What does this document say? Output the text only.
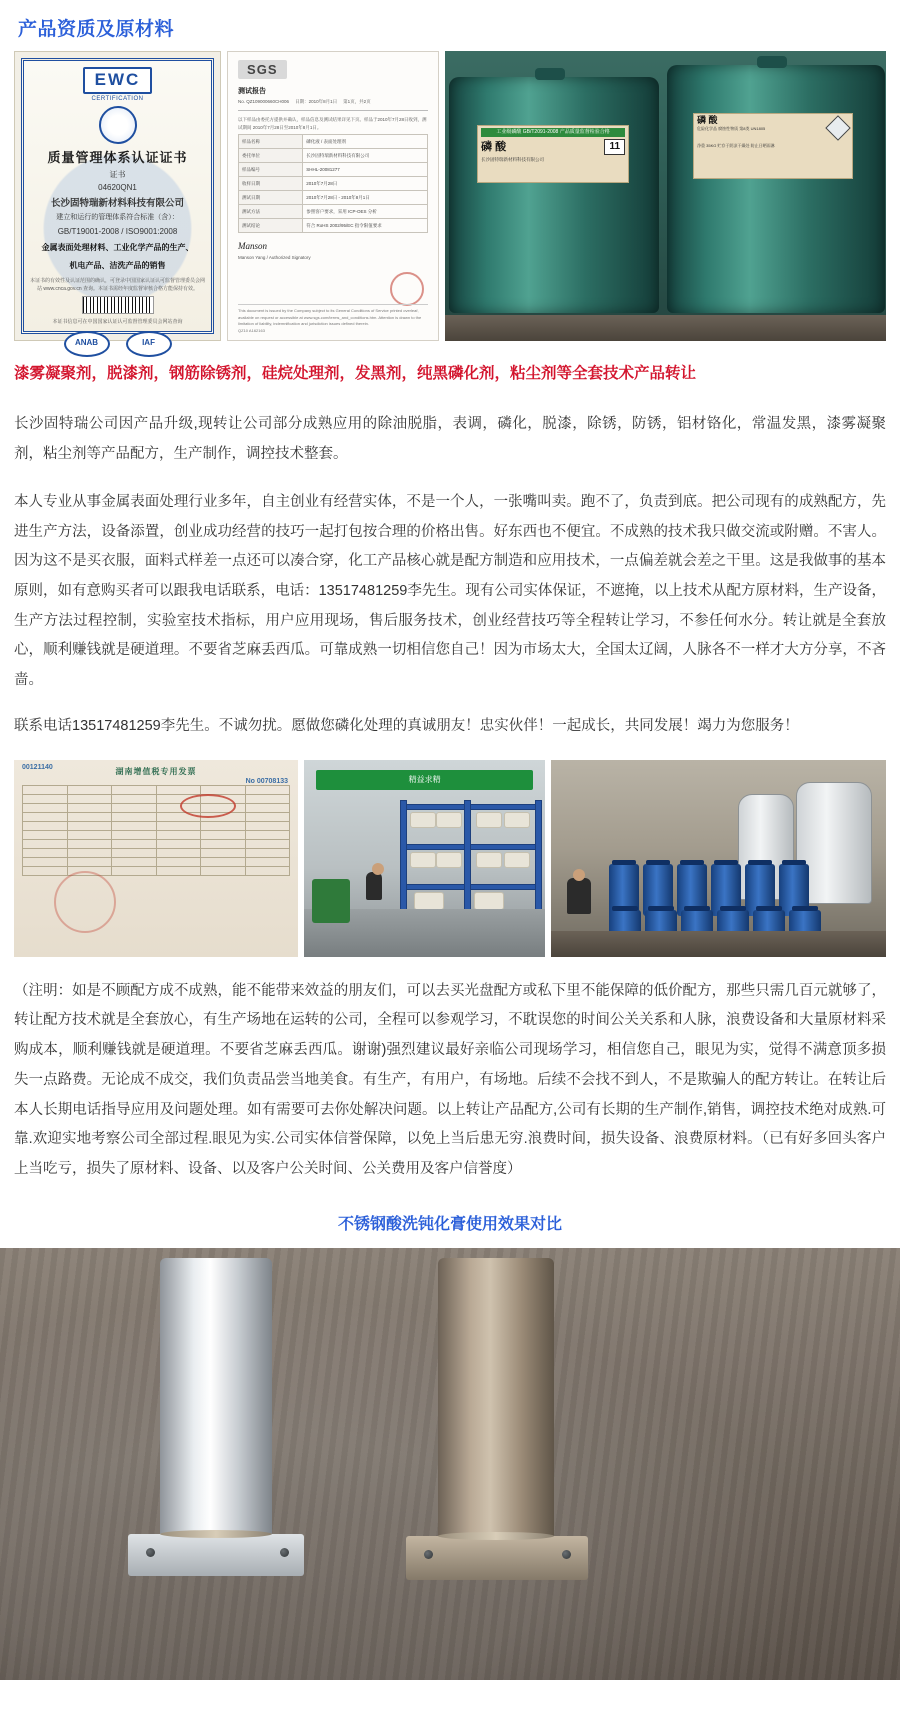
产品资质及原材料
EWC
CERTIFICATION
质量管理体系认证证书
证书
04620QN1
长沙固特瑞新材料科技有限公司
建立和运行的管理体系符合标准（含）：
GB/T19001-2008 / ISO9001:2008
金属表面处理材料、工业化学产品的生产、
机电产品、洁洗产品的销售
本证书的有效性及认证范围的确认，可登录中国国家认证认可监督管理委员会网站 www.cnca.gov.cn 查询。本证书需经年度监督审核合格方能保持有效。
本证书信息可在中国国家认证认可监督管理委员会网站查询
ANAB	IAF
SGS
测试报告
No. QZ109000660CH006 日期：2010年8月1日 第1页，共2页
以下样品由委托方提供并确认，样品信息及测试结果详见下页。样品于2010年7月28日收到，测试期间 2010年7月28日至2010年8月1日。
样品名称	磷化液 / 表面处理剂
委托单位	长沙固特瑞新材料科技有限公司
样品编号	SHHL-20081277
收样日期	2010年7月28日
测试日期	2010年7月28日 - 2010年8月1日
测试方法	参照客户要求，采用 ICP-OES 分析
测试结论	符合 RoHS 2002/95/EC 指令限值要求
Manson
Manson Yang / Authorized Signatory
This document is issued by the Company subject to its General Conditions of Service printed overleaf, available on request or accessible at www.sgs.com/terms_and_conditions.htm. Attention is drawn to the limitation of liability, indemnification and jurisdiction issues defined therein.
QZ10 A162163
工业级磷酸 GB/T2091-2008 产品质量监督检验合格
磷 酸	11
长沙固特瑞新材料科技有限公司
磷 酸
危险化学品 腐蚀性物质 第8类 UN1805
净重 35KG 贮存于阴凉干燥处 防止日晒雨淋
漆雾凝聚剂，脱漆剂，钢筋除锈剂，硅烷处理剂，发黑剂，纯黑磷化剂，粘尘剂等全套技术产品转让
长沙固特瑞公司因产品升级,现转让公司部分成熟应用的除油脱脂，表调，磷化，脱漆，除锈，防锈，铝材铬化，常温发黑，漆雾凝聚剂，粘尘剂等产品配方，生产制作，调控技术整套。
本人专业从事金属表面处理行业多年，自主创业有经营实体，不是一个人，一张嘴叫卖。跑不了，负责到底。把公司现有的成熟配方，先进生产方法，设备添置，创业成功经营的技巧一起打包按合理的价格出售。好东西也不便宜。不成熟的技术我只做交流或附赠。不害人。因为这不是买衣服，面料式样差一点还可以凑合穿，化工产品核心就是配方制造和应用技术，一点偏差就会差之干里。这是我做事的基本原则，如有意购买者可以跟我电话联系，电话：13517481259李先生。现有公司实体保证，不遮掩，以上技术从配方原材料，生产设备，生产方法过程控制，实验室技术指标，用户应用现场，售后服务技术，创业经营技巧等全程转让学习，不参任何水分。转让就是全套放心，顺利赚钱就是硬道理。不要省芝麻丢西瓜。可靠成熟一切相信您自己！因为市场太大，全国太辽阔，人脉各不一样才大方分享，不吝啬。
联系电话13517481259李先生。不诚勿扰。愿做您磷化处理的真诚朋友！忠实伙伴！一起成长，共同发展！竭力为您服务！
00121140	湖南增值税专用发票
No 00708133

						精益求精
（注明：如是不顾配方成不成熟，能不能带来效益的朋友们，可以去买光盘配方或私下里不能保障的低价配方，那些只需几百元就够了，转让配方技术就是全套放心，有生产场地在运转的公司，全程可以参观学习，不耽误您的时间公关关系和人脉，浪费设备和大量原材料采购成本，顺利赚钱就是硬道理。不要省芝麻丢西瓜。谢谢)强烈建议最好亲临公司现场学习，相信您自己，眼见为实，觉得不满意顶多损失一点路费。无论成不成交，我们负责品尝当地美食。有生产，有用户，有场地。后续不会找不到人，不是欺骗人的配方转让。在转让后本人长期电话指导应用及问题处理。如有需要可去你处解决问题。以上转让产品配方,公司有长期的生产制作,销售，调控技术绝对成熟.可靠.欢迎实地考察公司全部过程.眼见为实.公司实体信誉保障，以免上当后患无穷.浪费时间，损失设备、浪费原材料。（已有好多回头客户上当吃亏，损失了原材料、设备、以及客户公关时间、公关费用及客户信誉度）
不锈钢酸洗钝化膏使用效果对比
